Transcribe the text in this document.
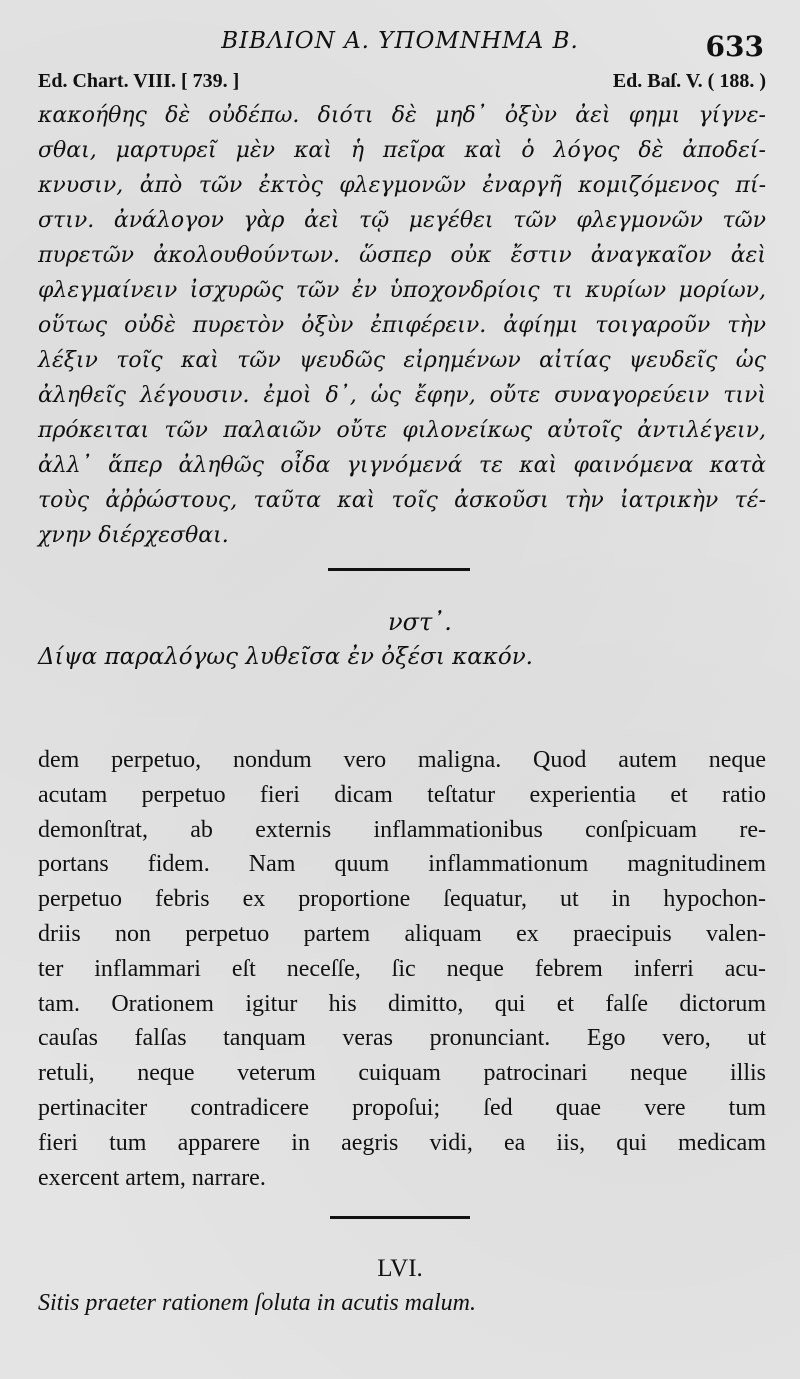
BIBΛΙΟΝ Α. ΥΠΟΜΝΗΜΑ Β.	633
Ed. Chart. VIII. [ 739. ]	Ed. Baſ. V. ( 188. )
κακοήθης δὲ οὐδέπω. διότι δὲ μηδ᾽ ὀξὺν ἀεὶ φημι γίγνε-
σθαι, μαρτυρεῖ μὲν καὶ ἡ πεῖρα καὶ ὁ λόγος δὲ ἀποδεί-
κνυσιν, ἀπὸ τῶν ἐκτὸς φλεγμονῶν ἐναργῆ κομιζόμενος πί-
στιν. ἀνάλογον γὰρ ἀεὶ τῷ μεγέθει τῶν φλεγμονῶν τῶν
πυρετῶν ἀκολουθούντων. ὥσπερ οὐκ ἔστιν ἀναγκαῖον ἀεὶ
φλεγμαίνειν ἰσχυρῶς τῶν ἐν ὑποχονδρίοις τι κυρίων μορίων,
οὕτως οὐδὲ πυρετὸν ὀξὺν ἐπιφέρειν. ἀφίημι τοιγαροῦν τὴν
λέξιν τοῖς καὶ τῶν ψευδῶς εἰρημένων αἰτίας ψευδεῖς ὡς
ἀληθεῖς λέγουσιν. ἐμοὶ δ᾽, ὡς ἔφην, οὔτε συναγορεύειν τινὶ
πρόκειται τῶν παλαιῶν οὔτε φιλονείκως αὐτοῖς ἀντιλέγειν,
ἀλλ᾽ ἅπερ ἀληθῶς οἶδα γιγνόμενά τε καὶ φαινόμενα κατὰ
τοὺς ἀῤῥώστους, ταῦτα καὶ τοῖς ἀσκοῦσι τὴν ἰατρικὴν τέ-
χνην διέρχεσθαι.
νστ᾽.
Δίψα παραλόγως λυθεῖσα ἐν ὀξέσι κακόν.
dem perpetuo, nondum vero maligna. Quod autem neque
acutam perpetuo fieri dicam teſtatur experientia et ratio
demonſtrat, ab externis inflammationibus conſpicuam re-
portans fidem. Nam quum inflammationum magnitudinem
perpetuo febris ex proportione ſequatur, ut in hypochon-
driis non perpetuo partem aliquam ex praecipuis valen-
ter inflammari eſt neceſſe, ſic neque febrem inferri acu-
tam. Orationem igitur his dimitto, qui et falſe dictorum
cauſas falſas tanquam veras pronunciant. Ego vero, ut
retuli, neque veterum cuiquam patrocinari neque illis
pertinaciter contradicere propoſui; ſed quae vere tum
fieri tum apparere in aegris vidi, ea iis, qui medicam
exercent artem, narrare.
LVI.
Sitis praeter rationem ſoluta in acutis malum.
